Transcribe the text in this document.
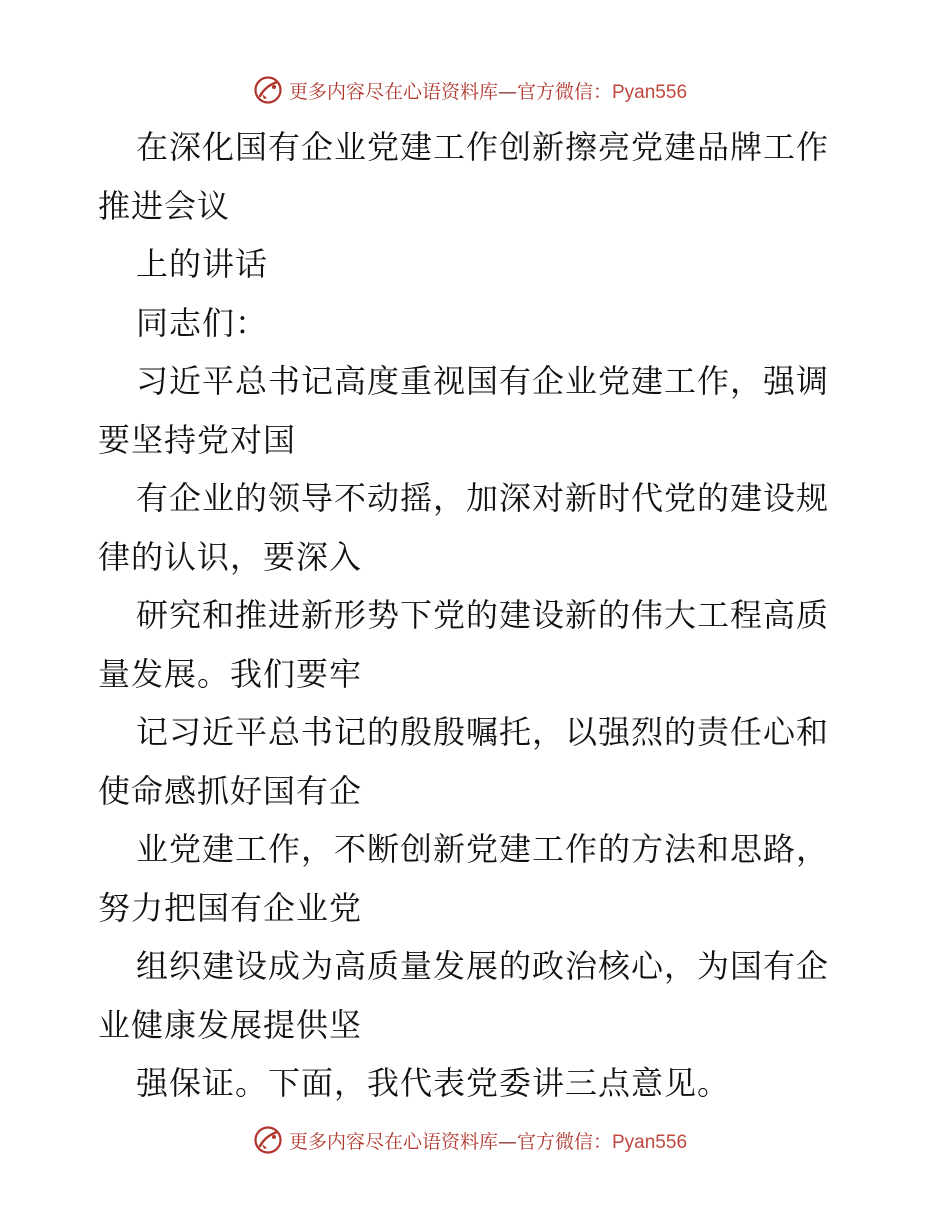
更多内容尽在心语资料库—官方微信：Pyan556
在深化国有企业党建工作创新擦亮党建品牌工作
推进会议
上的讲话
同志们：
习近平总书记高度重视国有企业党建工作，强调
要坚持党对国
有企业的领导不动摇，加深对新时代党的建设规
律的认识，要深入
研究和推进新形势下党的建设新的伟大工程高质
量发展。我们要牢
记习近平总书记的殷殷嘱托，以强烈的责任心和
使命感抓好国有企
业党建工作，不断创新党建工作的方法和思路，
努力把国有企业党
组织建设成为高质量发展的政治核心，为国有企
业健康发展提供坚
强保证。下面，我代表党委讲三点意见。
更多内容尽在心语资料库—官方微信：Pyan556
